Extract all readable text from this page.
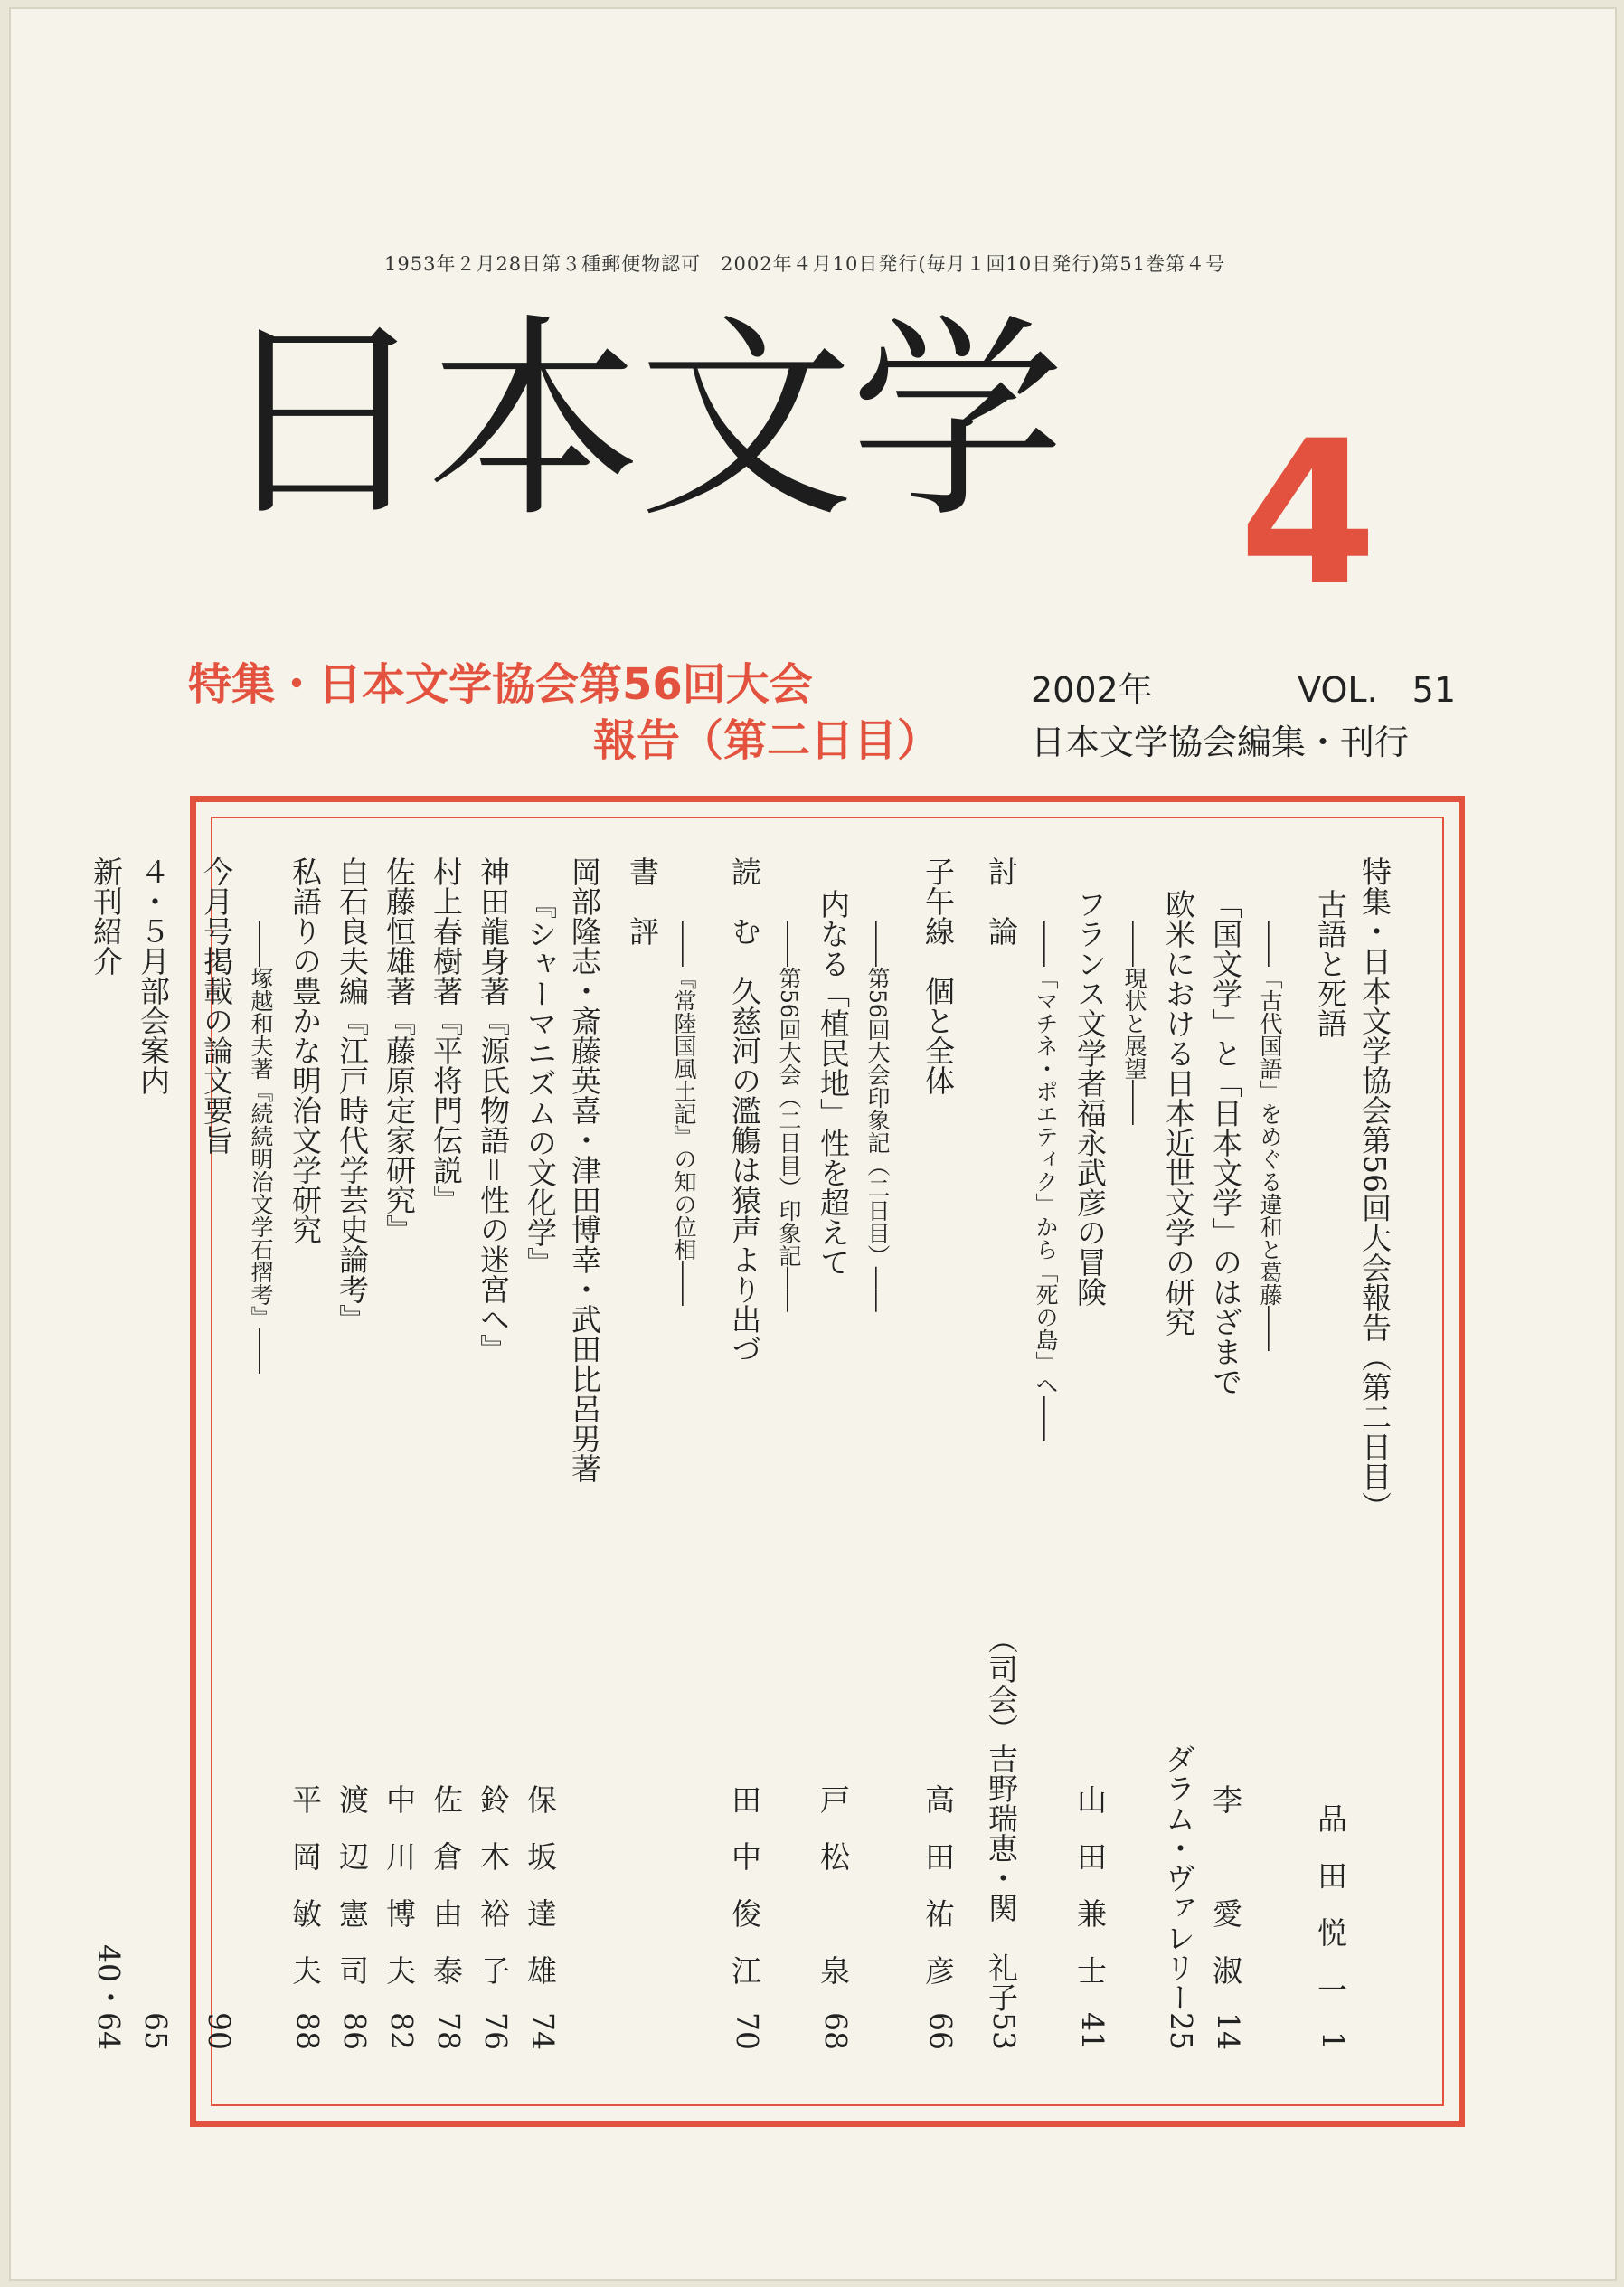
1953年２月28日第３種郵便物認可　2002年４月10日発行(毎月１回10日発行)第51巻第４号
日本文学 4
特集・日本文学協会第56回大会
報告（第二日目）
2002年	VOL.　51
日本文学協会編集・刊行
特集・日本文学協会第56回大会報告（第二日目）
古語と死語
品田悦一
1
――「古代国語」をめぐる違和と葛藤――
「国文学」と「日本文学」のはざまで
李　愛淑
14
欧米における日本近世文学の研究
ダラム・ヴァレリー
25
――現状と展望――
フランス文学者福永武彦の冒険
山田兼士
41
――「マチネ・ポエティク」から「死の島」へ――
討　論
（司会）吉野瑞恵・関　礼子
53
子午線　個と全体
高田祐彦
66
――第56回大会印象記（二日目）――
内なる「植民地」性を超えて
戸松　泉
68
――第56回大会（二日目）印象記――
読　む　久慈河の濫觴は猿声より出づ
田中俊江
70
――『常陸国風土記』の知の位相――
書　評
岡部隆志・斎藤英喜・津田博幸・武田比呂男著
『シャーマニズムの文化学』
保坂達雄
74
神田龍身著『源氏物語＝性の迷宮へ』
鈴木裕子
76
村上春樹著『平将門伝説』
佐倉由泰
78
佐藤恒雄著『藤原定家研究』
中川博夫
82
白石良夫編『江戸時代学芸史論考』
渡辺憲司
86
私語りの豊かな明治文学研究
平岡敏夫
88
――塚越和夫著『続続明治文学石摺考』――
今月号掲載の論文要旨
90
４・５月部会案内
65
新刊紹介
40・64
